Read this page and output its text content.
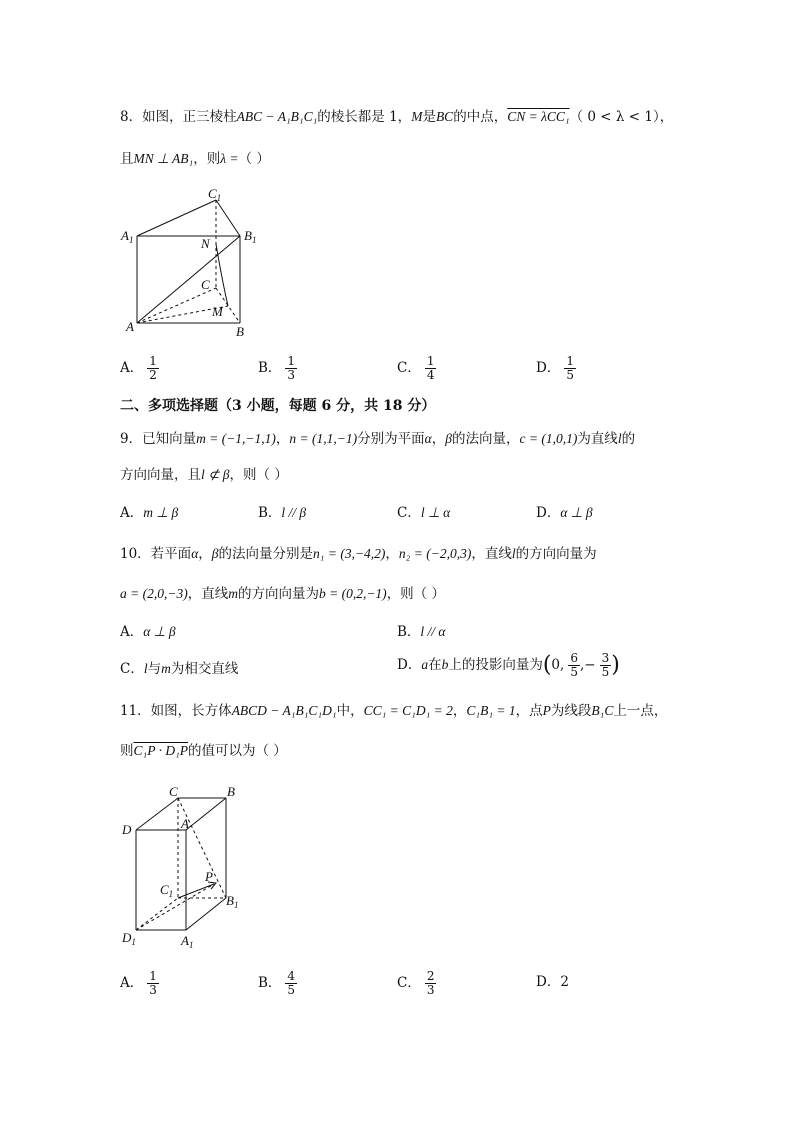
8．如图，正三棱柱ABC − A₁B₁C₁的棱长都是 1，M是BC的中点，CN = λCC₁（ 0 < λ < 1），
且MN ⊥ AB₁，则λ =（ ）
$C_1$
$B_1$
$A_1$	N
C
M
A	B
A． $\frac{1}{2}$	B． $\frac{1}{3}$	C． $\frac{1}{4}$	D． $\frac{1}{5}$
二、多项选择题（3 小题，每题 6 分，共 18 分）
9．已知向量m = (−1,−1,1)，n = (1,1,−1)分别为平面α，β的法向量，c = (1,0,1)为直线l的
方向向量，且l ⊄ β，则（ ）
A．m ⊥ β	B．l // β	C．l ⊥ α	D．α ⊥ β
10．若平面α，β的法向量分别是n₁ = (3,−4,2)，n₂ = (−2,0,3)，直线l的方向向量为
a = (2,0,−3)，直线m的方向向量为b = (0,2,−1)，则（ ）
A．α ⊥ β	B．l // α
C．l与m为相交直线	D．a在b上的投影向量为(0, $\frac{6}{5}$ ,− $\frac{3}{5}$ )
11．如图，长方体ABCD − A₁B₁C₁D₁中，CC₁ = C₁D₁ = 2，C₁B₁ = 1，点P为线段B₁C上一点，
则C₁P · D₁P的值可以为（ ）
C	B
D	A
$C_1$
P
$B_1$
$D_1$	$A_1$
A． $\frac{1}{3}$	B． $\frac{4}{5}$	C． $\frac{2}{3}$	D．2
